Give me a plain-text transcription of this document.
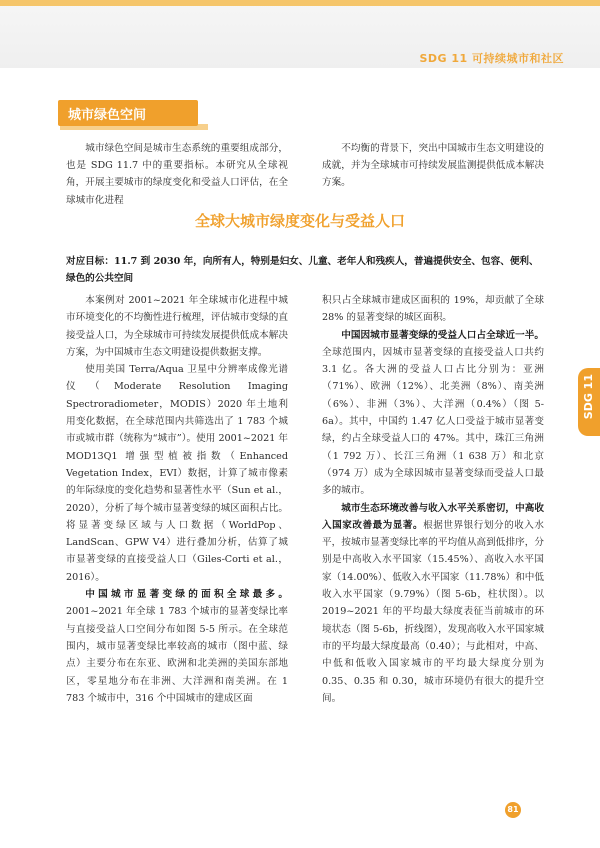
SDG 11 可持续城市和社区
城市绿色空间
城市绿色空间是城市生态系统的重要组成部分，也是 SDG 11.7 中的重要指标。本研究从全球视角，开展主要城市的绿度变化和受益人口评估，在全球城市化进程
不均衡的背景下，突出中国城市生态文明建设的成就，并为全球城市可持续发展监测提供低成本解决方案。
全球大城市绿度变化与受益人口
对应目标：11.7 到 2030 年，向所有人，特别是妇女、儿童、老年人和残疾人，普遍提供安全、包容、便利、绿色的公共空间

本案例对 2001~2021 年全球城市化进程中城市环境变化的不均衡性进行梳理，评估城市变绿的直接受益人口，为全球城市可持续发展提供低成本解决方案，为中国城市生态文明建设提供数据支撑。

使用美国 Terra/Aqua 卫星中分辨率成像光谱仪（Moderate Resolution Imaging Spectroradiometer，MODIS）2020 年土地利用变化数据，在全球范围内共筛选出了 1 783 个城市或城市群（统称为“城市”）。使用 2001~2021 年 MOD13Q1 增强型植被指数（Enhanced Vegetation Index，EVI）数据，计算了城市像素的年际绿度的变化趋势和显著性水平（Sun et al.，2020），分析了每个城市显著变绿的城区面积占比。将显著变绿区域与人口数据（WorldPop、LandScan、GPW V4）进行叠加分析，估算了城市显著变绿的直接受益人口（Giles-Corti et al.，2016）。

中国城市显著变绿的面积全球最多。2001~2021 年全球 1 783 个城市的显著变绿比率与直接受益人口空间分布如图 5-5 所示。在全球范围内，城市显著变绿比率较高的城市（图中蓝、绿点）主要分布在东亚、欧洲和北美洲的美国东部地区，零星地分布在非洲、大洋洲和南美洲。在 1 783 个城市中，316 个中国城市的建成区面

积只占全球城市建成区面积的 19%，却贡献了全球 28% 的显著变绿的城区面积。

中国因城市显著变绿的受益人口占全球近一半。全球范围内，因城市显著变绿的直接受益人口共约 3.1 亿。各大洲的受益人口占比分别为：亚洲（71%）、欧洲（12%）、北美洲（8%）、南美洲（6%）、非洲（3%）、大洋洲（0.4%）（图 5-6a）。其中，中国约 1.47 亿人口受益于城市显著变绿，约占全球受益人口的 47%。其中，珠江三角洲（1 792 万）、长江三角洲（1 638 万）和北京（974 万）成为全球因城市显著变绿而受益人口最多的城市。

城市生态环境改善与收入水平关系密切，中高收入国家改善最为显著。根据世界银行划分的收入水平，按城市显著变绿比率的平均值从高到低排序，分别是中高收入水平国家（15.45%）、高收入水平国家（14.00%）、低收入水平国家（11.78%）和中低收入水平国家（9.79%）（图 5-6b，柱状图）。以 2019~2021 年的平均最大绿度表征当前城市的环境状态（图 5-6b，折线图），发现高收入水平国家城市的平均最大绿度最高（0.40）；与此相对，中高、中低和低收入国家城市的平均最大绿度分别为 0.35、0.35 和 0.30，城市环境仍有很大的提升空间。

SDG 11
81
